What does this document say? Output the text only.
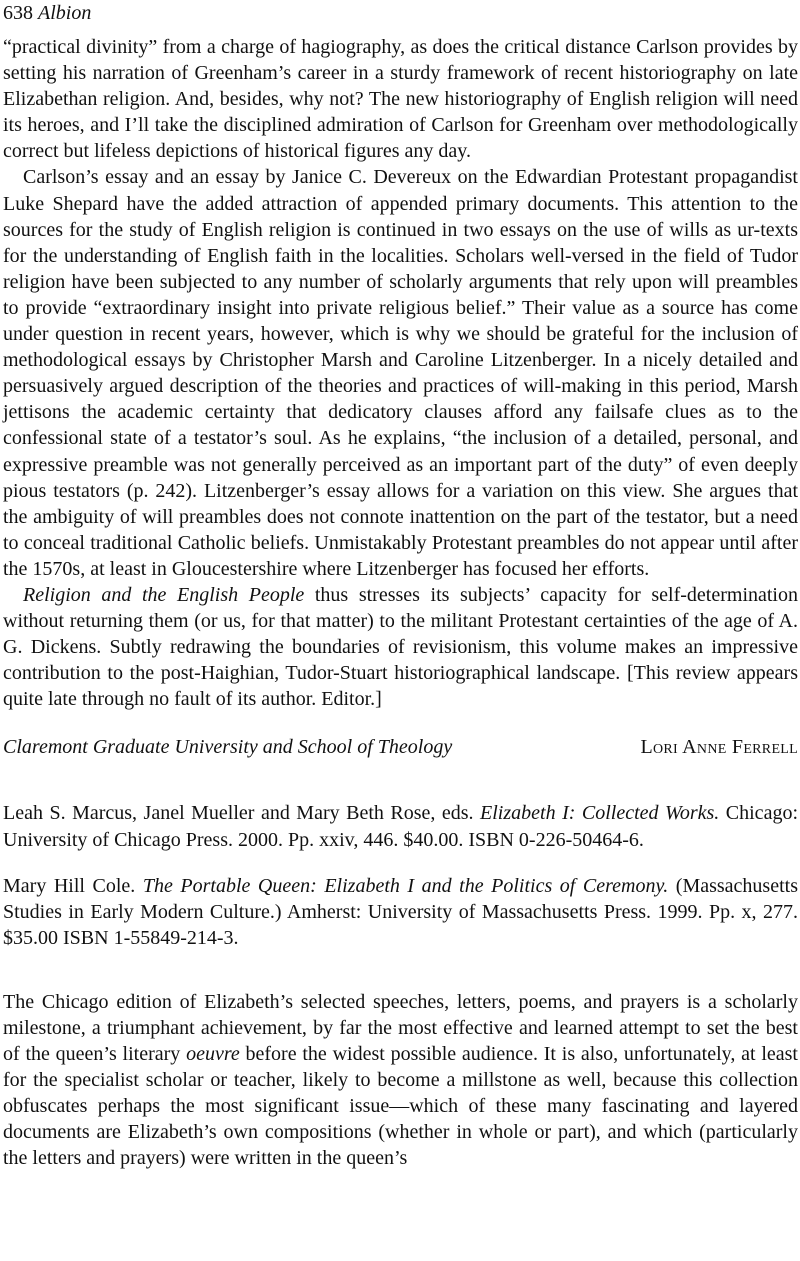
638 Albion

“practical divinity” from a charge of hagiography, as does the critical distance Carlson provides by setting his narration of Greenham’s career in a sturdy framework of recent historiography on late Elizabethan religion. And, besides, why not? The new historiography of English religion will need its heroes, and I’ll take the disciplined admiration of Carlson for Greenham over methodologically correct but lifeless depictions of historical figures any day.

Carlson’s essay and an essay by Janice C. Devereux on the Edwardian Protestant propagandist Luke Shepard have the added attraction of appended primary documents. This attention to the sources for the study of English religion is continued in two essays on the use of wills as ur-texts for the understanding of English faith in the localities. Scholars well-versed in the field of Tudor religion have been subjected to any number of scholarly arguments that rely upon will preambles to provide “extraordinary insight into private religious belief.” Their value as a source has come under question in recent years, however, which is why we should be grateful for the inclusion of methodological essays by Christopher Marsh and Caroline Litzenberger. In a nicely detailed and persuasively argued description of the theories and practices of will-making in this period, Marsh jettisons the academic certainty that dedicatory clauses afford any failsafe clues as to the confessional state of a testator’s soul. As he explains, “the inclusion of a detailed, personal, and expressive preamble was not generally perceived as an important part of the duty” of even deeply pious testators (p. 242). Litzenberger’s essay allows for a variation on this view. She argues that the ambiguity of will preambles does not connote inattention on the part of the testator, but a need to conceal traditional Catholic beliefs. Unmistakably Protestant preambles do not appear until after the 1570s, at least in Gloucestershire where Litzenberger has focused her efforts.

Religion and the English People thus stresses its subjects’ capacity for self-determination without returning them (or us, for that matter) to the militant Protestant certainties of the age of A. G. Dickens. Subtly redrawing the boundaries of revisionism, this volume makes an impressive contribution to the post-Haighian, Tudor-Stuart historiographical landscape. [This review appears quite late through no fault of its author. Editor.]

Claremont Graduate University and School of Theology	Lori Anne Ferrell

Leah S. Marcus, Janel Mueller and Mary Beth Rose, eds. Elizabeth I: Collected Works. Chicago: University of Chicago Press. 2000. Pp. xxiv, 446. $40.00. ISBN 0-226-50464-6.

Mary Hill Cole. The Portable Queen: Elizabeth I and the Politics of Ceremony. (Massachusetts Studies in Early Modern Culture.) Amherst: University of Massachusetts Press. 1999. Pp. x, 277. $35.00 ISBN 1-55849-214-3.

The Chicago edition of Elizabeth’s selected speeches, letters, poems, and prayers is a scholarly milestone, a triumphant achievement, by far the most effective and learned attempt to set the best of the queen’s literary oeuvre before the widest possible audience. It is also, unfortunately, at least for the specialist scholar or teacher, likely to become a millstone as well, because this collection obfuscates perhaps the most significant issue—which of these many fascinating and layered documents are Elizabeth’s own compositions (whether in whole or part), and which (particularly the letters and prayers) were written in the queen’s
